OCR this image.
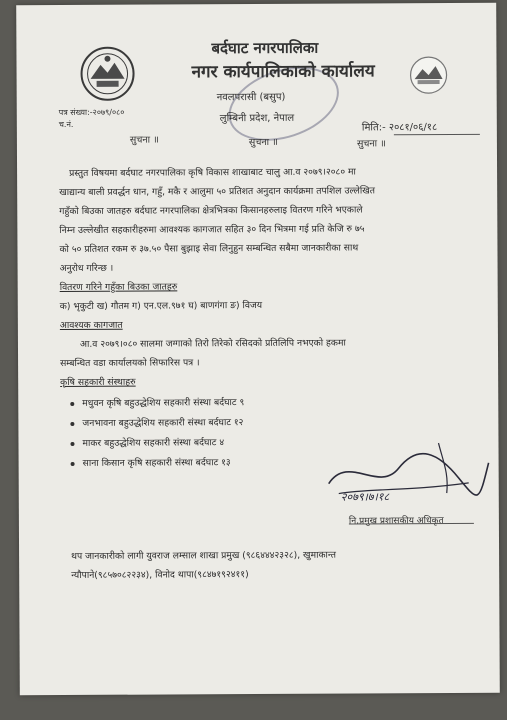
बर्दघाट नगरपालिका
नगर कार्यपालिकाको कार्यालय
नवलपरासी (बसुप)
लुम्बिनी प्रदेश, नेपाल
पत्र संख्या:-२०७९/०८०
च.नं.	मिति:- २०८१/०६/१८
सुचना ॥	सुचना ॥	सुचना ॥
प्रस्तुत विषयमा बर्दघाट नगरपालिका कृषि विकास शाखाबाट चालु आ.व २०७९।२०८० मा
खाद्यान्य बाली प्रवर्द्धन धान, गहुँ, मकै र आलुमा ५० प्रतिशत अनुदान कार्यक्रमा तपशिल उल्लेखित
गहुँको बिउका जातहरु बर्दघाट नगरपालिका क्षेत्रभित्रका किसानहरुलाइ वितरण गरिने भएकाले
निम्न उल्लेखीत सहकारीहरुमा आवश्यक कागजात सहित ३० दिन भित्रमा गई प्रति केजि रु ७५
को ५० प्रतिशत रकम रु ३७.५० पैसा बुझाइ सेवा लिनुहुन सम्बन्धित सबैमा जानकारीका साथ
अनुरोध गरिन्छ ।
वितरण गरिने गहुँका बिउका जातहरु
क) भृकुटी ख) गौतम ग) एन.एल.९७१ घ) बाणगंगा ङ) विजय
आवश्यक कागजात
आ.व २०७९।०८० सालमा जग्गाको तिरो तिरेको रसिदको प्रतिलिपि नभएको हकमा
सम्बन्धित वडा कार्यालयको सिफारिस पत्र ।
कृषि सहकारी संस्थाहरु
मधुवन कृषि बहुउद्धेशिय सहकारी संस्था बर्दघाट ९
जनभावना बहुउद्धेशिय सहकारी संस्था बर्दघाट १२
माकर बहुउद्धेशिय सहकारी संस्था बर्दघाट ४
साना किसान कृषि सहकारी संस्था बर्दघाट १३
२०७९।७।१८
नि.प्रमुख प्रशासकीय अधिकृत
थप जानकारीको लागी युवराज लम्साल शाखा प्रमुख (९८६४४४२३२८), खुमाकान्त
न्यौपाने(९८५७०८२२३४), विनोद थापा(९८४७१९२४११)
